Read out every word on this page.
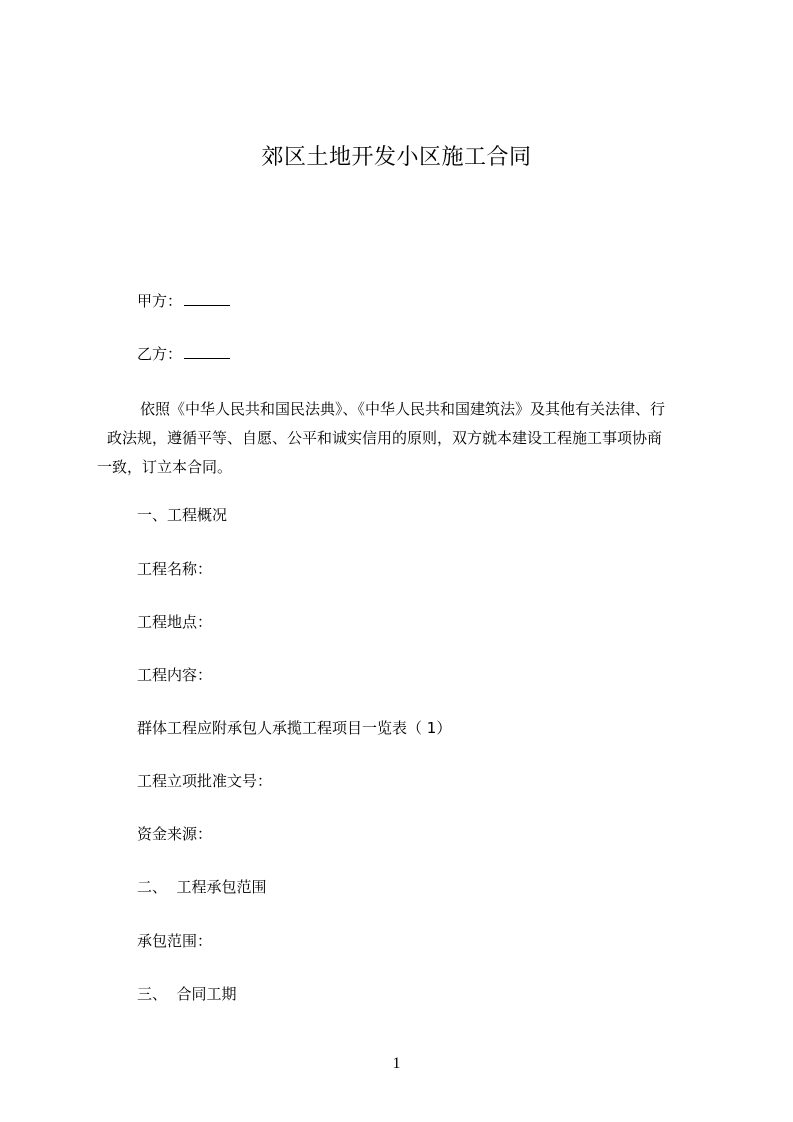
郊区土地开发小区施工合同
甲方：
乙方：
依照《中华人民共和国民法典》、《中华人民共和国建筑法》及其他有关法律、行
政法规，遵循平等、自愿、公平和诚实信用的原则，双方就本建设工程施工事项协商
一致，订立本合同。
一、工程概况
工程名称：
工程地点：
工程内容：
群体工程应附承包人承揽工程项目一览表（ 1）
工程立项批准文号：
资金来源：
二、  工程承包范围
承包范围：
三、  合同工期
1
